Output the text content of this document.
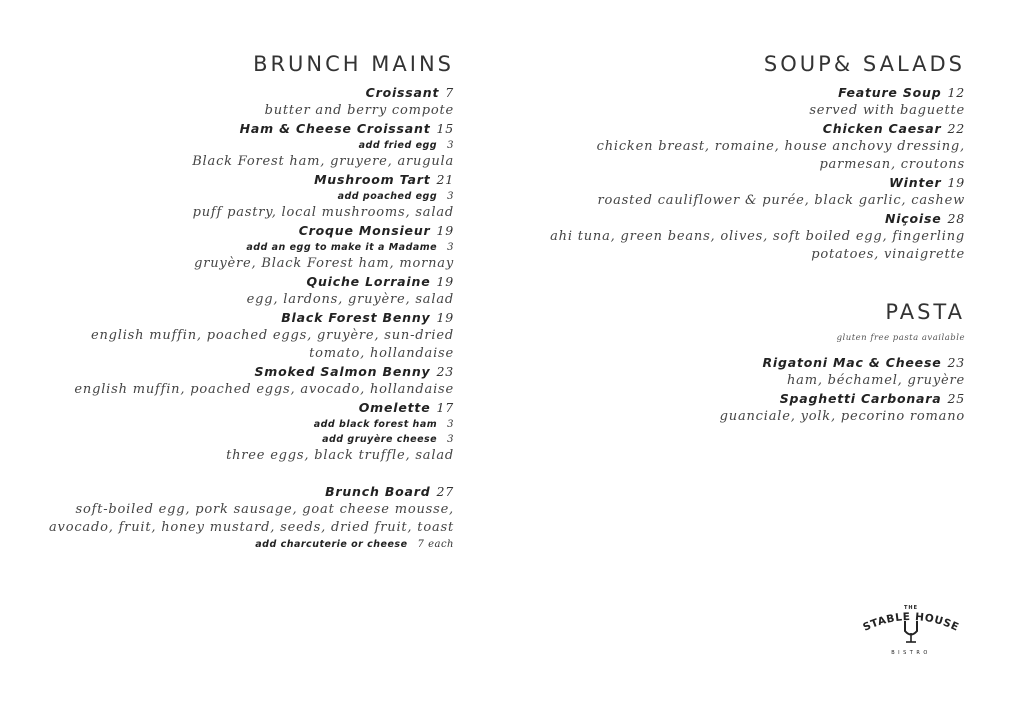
BRUNCH MAINS
Croissant 7
butter and berry compote
Ham & Cheese Croissant 15
add fried egg 3
Black Forest ham, gruyere, arugula
Mushroom Tart 21
add poached egg 3
puff pastry, local mushrooms, salad
Croque Monsieur 19
add an egg to make it a Madame 3
gruyère, Black Forest ham, mornay
Quiche Lorraine 19
egg, lardons, gruyère, salad
Black Forest Benny 19
english muffin, poached eggs, gruyère, sun-dried
tomato, hollandaise
Smoked Salmon Benny 23
english muffin, poached eggs, avocado, hollandaise
Omelette 17
add black forest ham 3
add gruyère cheese 3
three eggs, black truffle, salad
Brunch Board 27
soft-boiled egg, pork sausage, goat cheese mousse,
avocado, fruit, honey mustard, seeds, dried fruit, toast
add charcuterie or cheese 7 each
SOUP& SALADS
Feature Soup 12
served with baguette
Chicken Caesar 22
chicken breast, romaine, house anchovy dressing,
parmesan, croutons
Winter 19
roasted cauliflower & purée, black garlic, cashew
Niçoise 28
ahi tuna, green beans, olives, soft boiled egg, fingerling
potatoes, vinaigrette
PASTA
gluten free pasta available
Rigatoni Mac & Cheese 23
ham, béchamel, gruyère
Spaghetti Carbonara 25
guanciale, yolk, pecorino romano
THE
STABLE HOUSE
BISTRO
